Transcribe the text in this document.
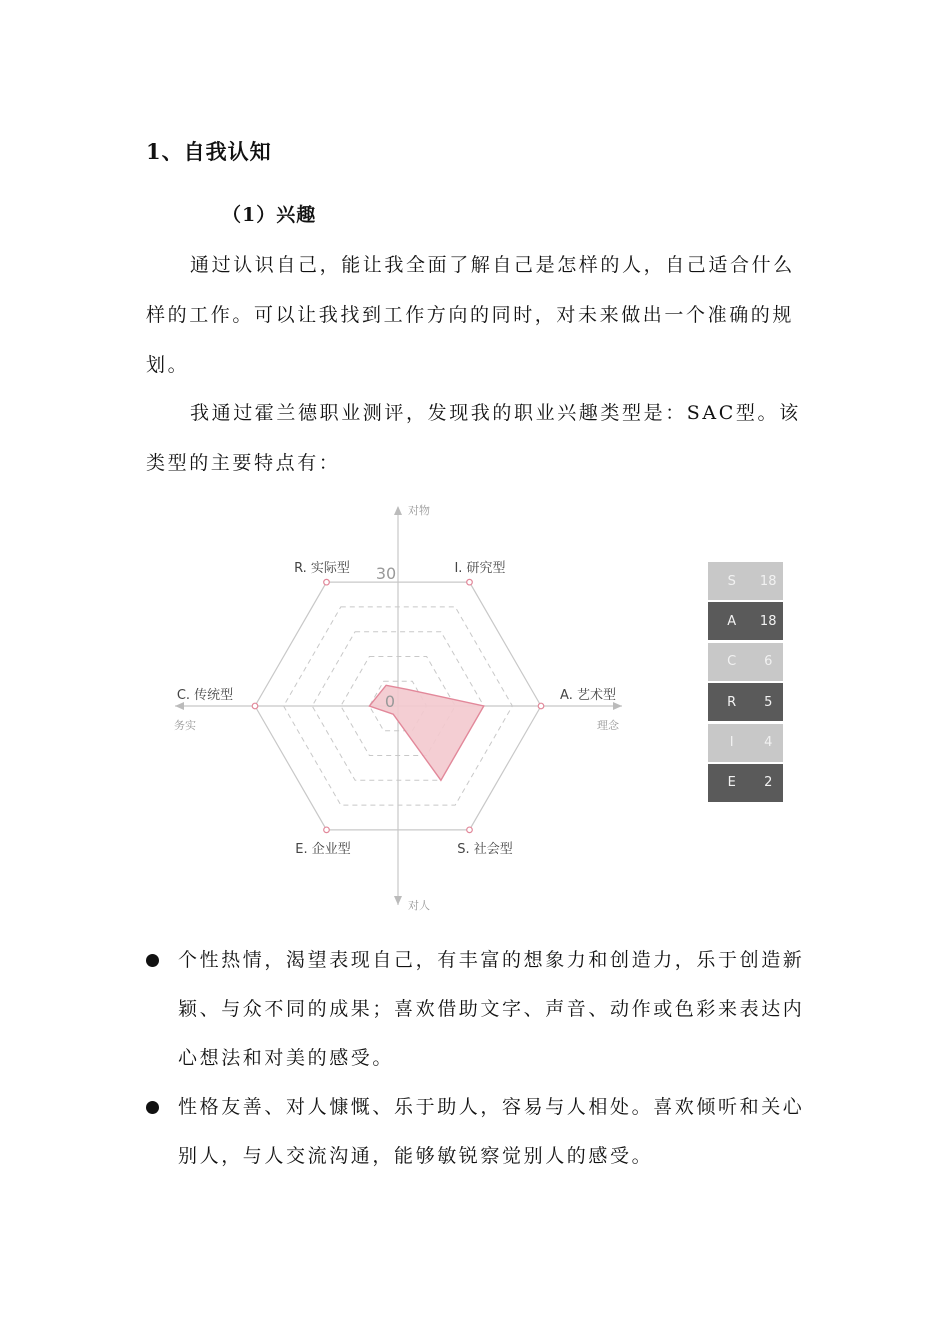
1、自我认知
（1）兴趣

通过认识自己，能让我全面了解自己是怎样的人，自己适合什么样的工作。可以让我找到工作方向的同时，对未来做出一个准确的规划。

我通过霍兰德职业测评，发现我的职业兴趣类型是：SAC型。该类型的主要特点有：

R. 实际型	I. 研究型
A. 艺术型
S. 社会型
E. 企业型
C. 传统型
30
0
对物
对人
务实	理念
S	18
A	18
C	6
R	5
I	4
E	2
个性热情，渴望表现自己，有丰富的想象力和创造力，乐于创造新颖、与众不同的成果；喜欢借助文字、声音、动作或色彩来表达内心想法和对美的感受。
性格友善、对人慷慨、乐于助人，容易与人相处。喜欢倾听和关心别人，与人交流沟通，能够敏锐察觉别人的感受。
